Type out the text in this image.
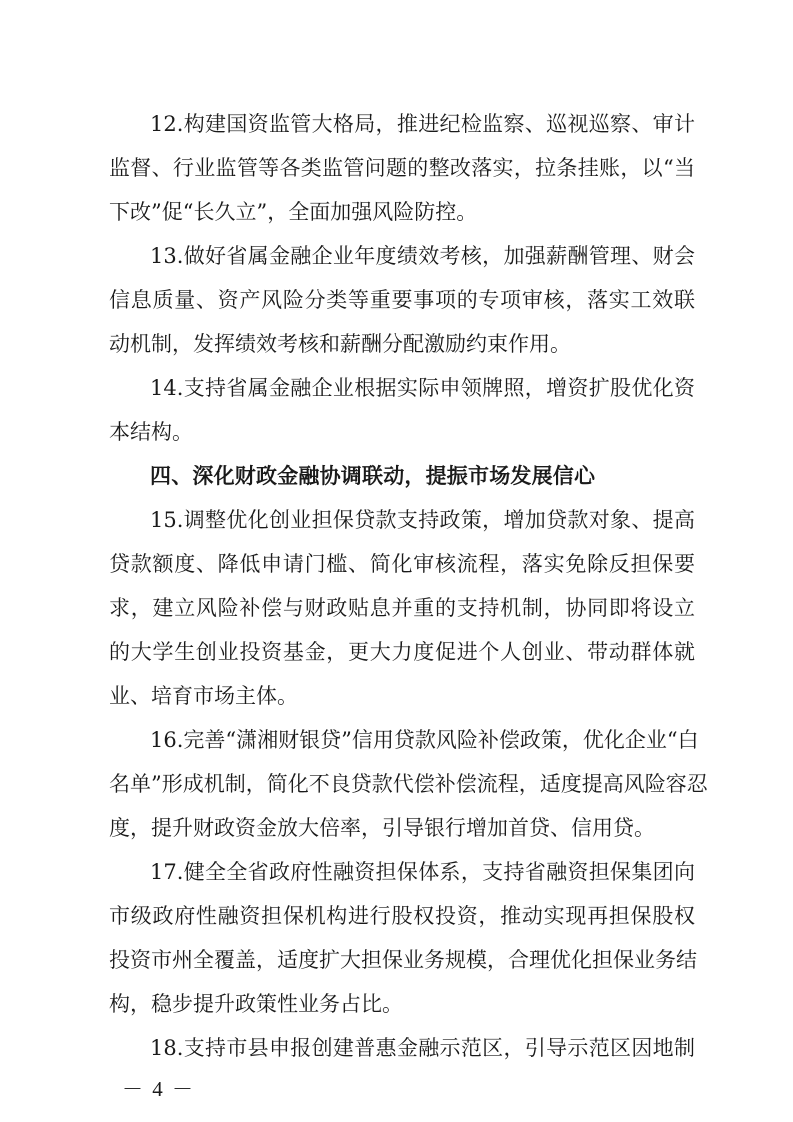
12.构建国资监管大格局，推进纪检监察、巡视巡察、审计
监督、行业监管等各类监管问题的整改落实，拉条挂账，以“当
下改”促“长久立”，全面加强风险防控。
13.做好省属金融企业年度绩效考核，加强薪酬管理、财会
信息质量、资产风险分类等重要事项的专项审核，落实工效联
动机制，发挥绩效考核和薪酬分配激励约束作用。
14.支持省属金融企业根据实际申领牌照，增资扩股优化资
本结构。
四、深化财政金融协调联动，提振市场发展信心
15.调整优化创业担保贷款支持政策，增加贷款对象、提高
贷款额度、降低申请门槛、简化审核流程，落实免除反担保要
求，建立风险补偿与财政贴息并重的支持机制，协同即将设立
的大学生创业投资基金，更大力度促进个人创业、带动群体就
业、培育市场主体。
16.完善“潇湘财银贷”信用贷款风险补偿政策，优化企业“白
名单”形成机制，简化不良贷款代偿补偿流程，适度提高风险容忍
度，提升财政资金放大倍率，引导银行增加首贷、信用贷。
17.健全全省政府性融资担保体系，支持省融资担保集团向
市级政府性融资担保机构进行股权投资，推动实现再担保股权
投资市州全覆盖，适度扩大担保业务规模，合理优化担保业务结
构，稳步提升政策性业务占比。
18.支持市县申报创建普惠金融示范区，引导示范区因地制
－ 4 －
